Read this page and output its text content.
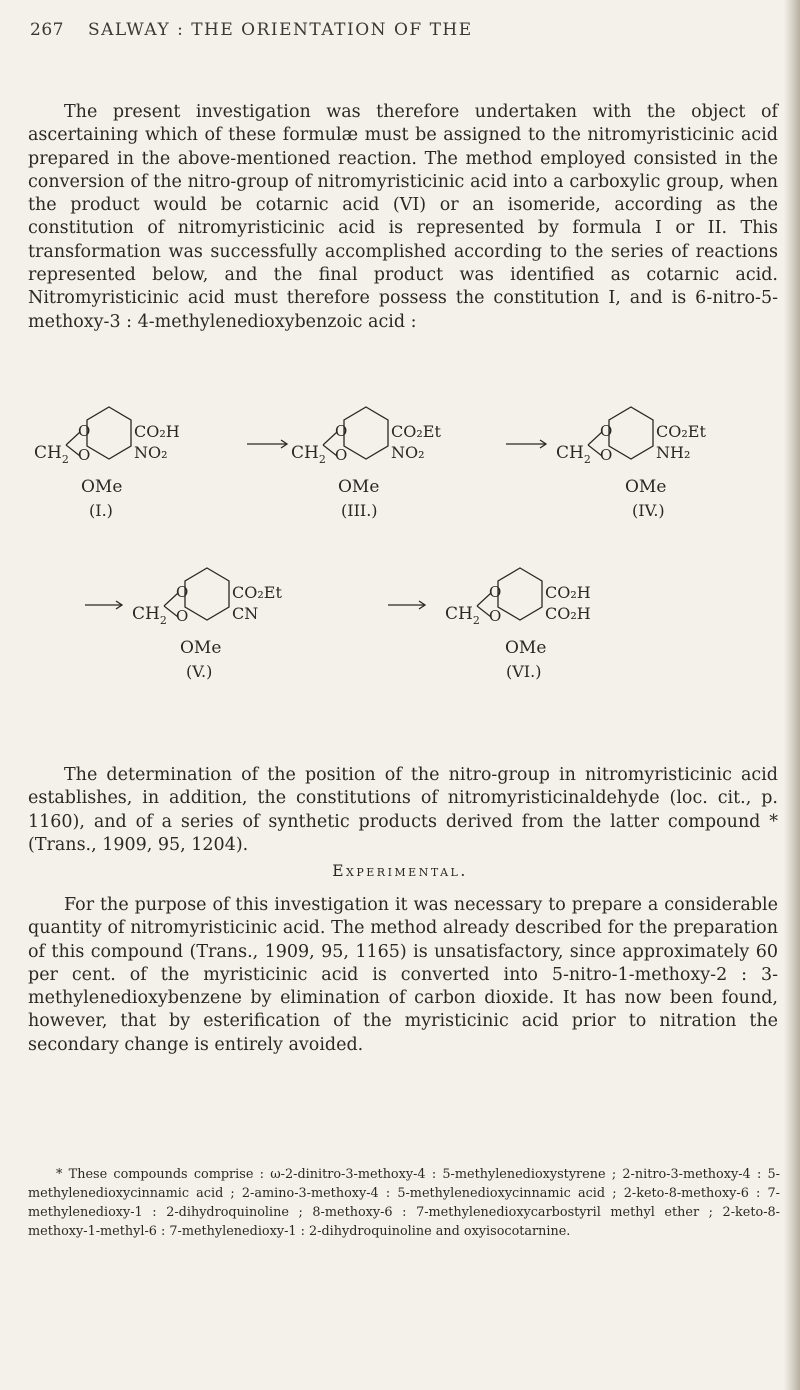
267 SALWAY : THE ORIENTATION OF THE

The present investigation was therefore undertaken with the object of ascertaining which of these formulæ must be assigned to the nitromyristicinic acid prepared in the above-mentioned reaction. The method employed consisted in the conversion of the nitro-group of nitromyristicinic acid into a carboxylic group, when the product would be cotarnic acid (VI) or an isomeride, according as the constitution of nitromyristicinic acid is represented by formula I or II. This transformation was successfully accomplished according to the series of reactions represented below, and the final product was identified as cotarnic acid. Nitromyristicinic acid must therefore possess the constitution I, and is 6-nitro-5-methoxy-3 : 4-methylenedioxybenzoic acid :

$CH_2$
O
O
CO₂H
NO₂
OMe
(I.)
$CH_2$
O
O
CO₂Et
NO₂
OMe
(III.)
$CH_2$
O
O
CO₂Et
NH₂
OMe
(IV.)
$CH_2$
O
O
CO₂Et
CN
OMe
(V.)
$CH_2$
O
O
CO₂H
CO₂H
OMe
(VI.)

The determination of the position of the nitro-group in nitromyristicinic acid establishes, in addition, the constitutions of nitromyristicinaldehyde (loc. cit., p. 1160), and of a series of synthetic products derived from the latter compound * (Trans., 1909, 95, 1204).

Experimental.

For the purpose of this investigation it was necessary to prepare a considerable quantity of nitromyristicinic acid. The method already described for the preparation of this compound (Trans., 1909, 95, 1165) is unsatisfactory, since approximately 60 per cent. of the myristicinic acid is converted into 5-nitro-1-methoxy-2 : 3-methylenedioxybenzene by elimination of carbon dioxide. It has now been found, however, that by esterification of the myristicinic acid prior to nitration the secondary change is entirely avoided.

* These compounds comprise : ω-2-dinitro-3-methoxy-4 : 5-methylenedioxystyrene ; 2-nitro-3-methoxy-4 : 5-methylenedioxycinnamic acid ; 2-amino-3-methoxy-4 : 5-methylenedioxycinnamic acid ; 2-keto-8-methoxy-6 : 7-methylenedioxy-1 : 2-dihydroquinoline ; 8-methoxy-6 : 7-methylenedioxycarbostyril methyl ether ; 2-keto-8-methoxy-1-methyl-6 : 7-methylenedioxy-1 : 2-dihydroquinoline and oxyisocotarnine.
